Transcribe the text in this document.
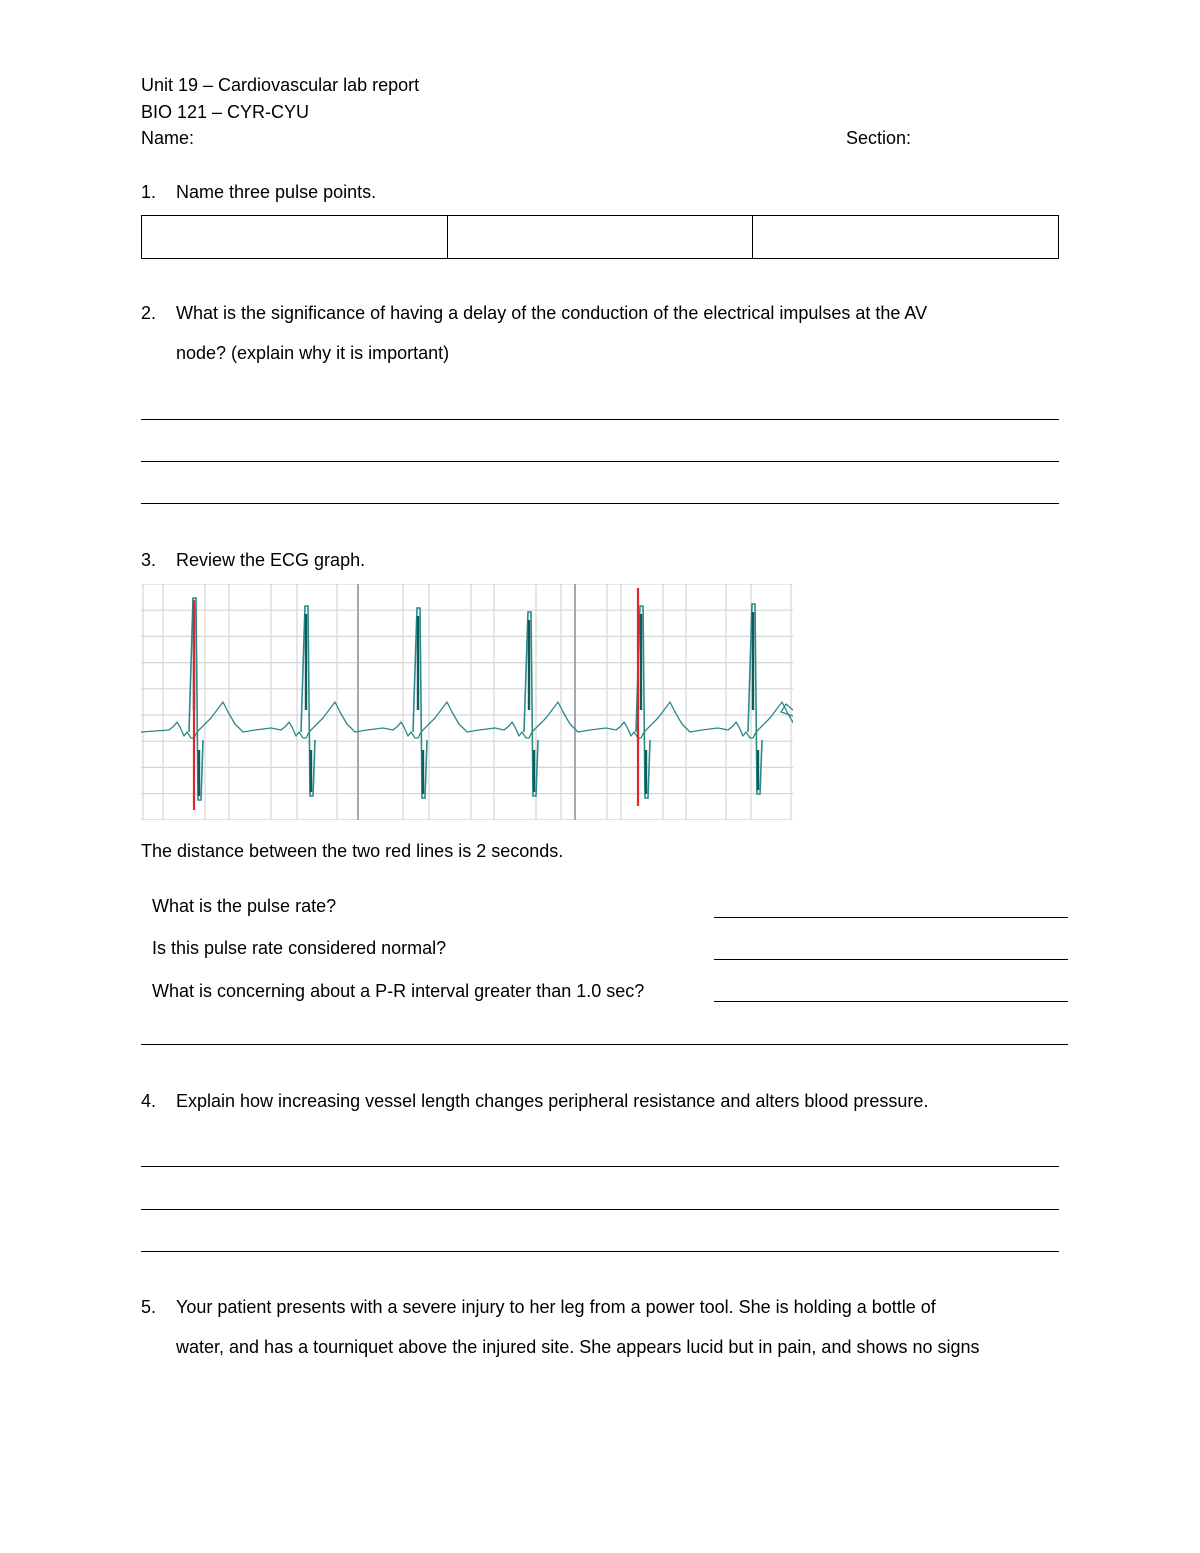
Unit 19 – Cardiovascular lab report
BIO 121 – CYR-CYU
Name:	Section:
1. Name three pulse points.

2. What is the significance of having a delay of the conduction of the electrical impulses at the AV
node? (explain why it is important)
3. Review the ECG graph.
The distance between the two red lines is 2 seconds.
What is the pulse rate?
Is this pulse rate considered normal?
What is concerning about a P-R interval greater than 1.0 sec?
4. Explain how increasing vessel length changes peripheral resistance and alters blood pressure.
5. Your patient presents with a severe injury to her leg from a power tool. She is holding a bottle of
water, and has a tourniquet above the injured site. She appears lucid but in pain, and shows no signs
